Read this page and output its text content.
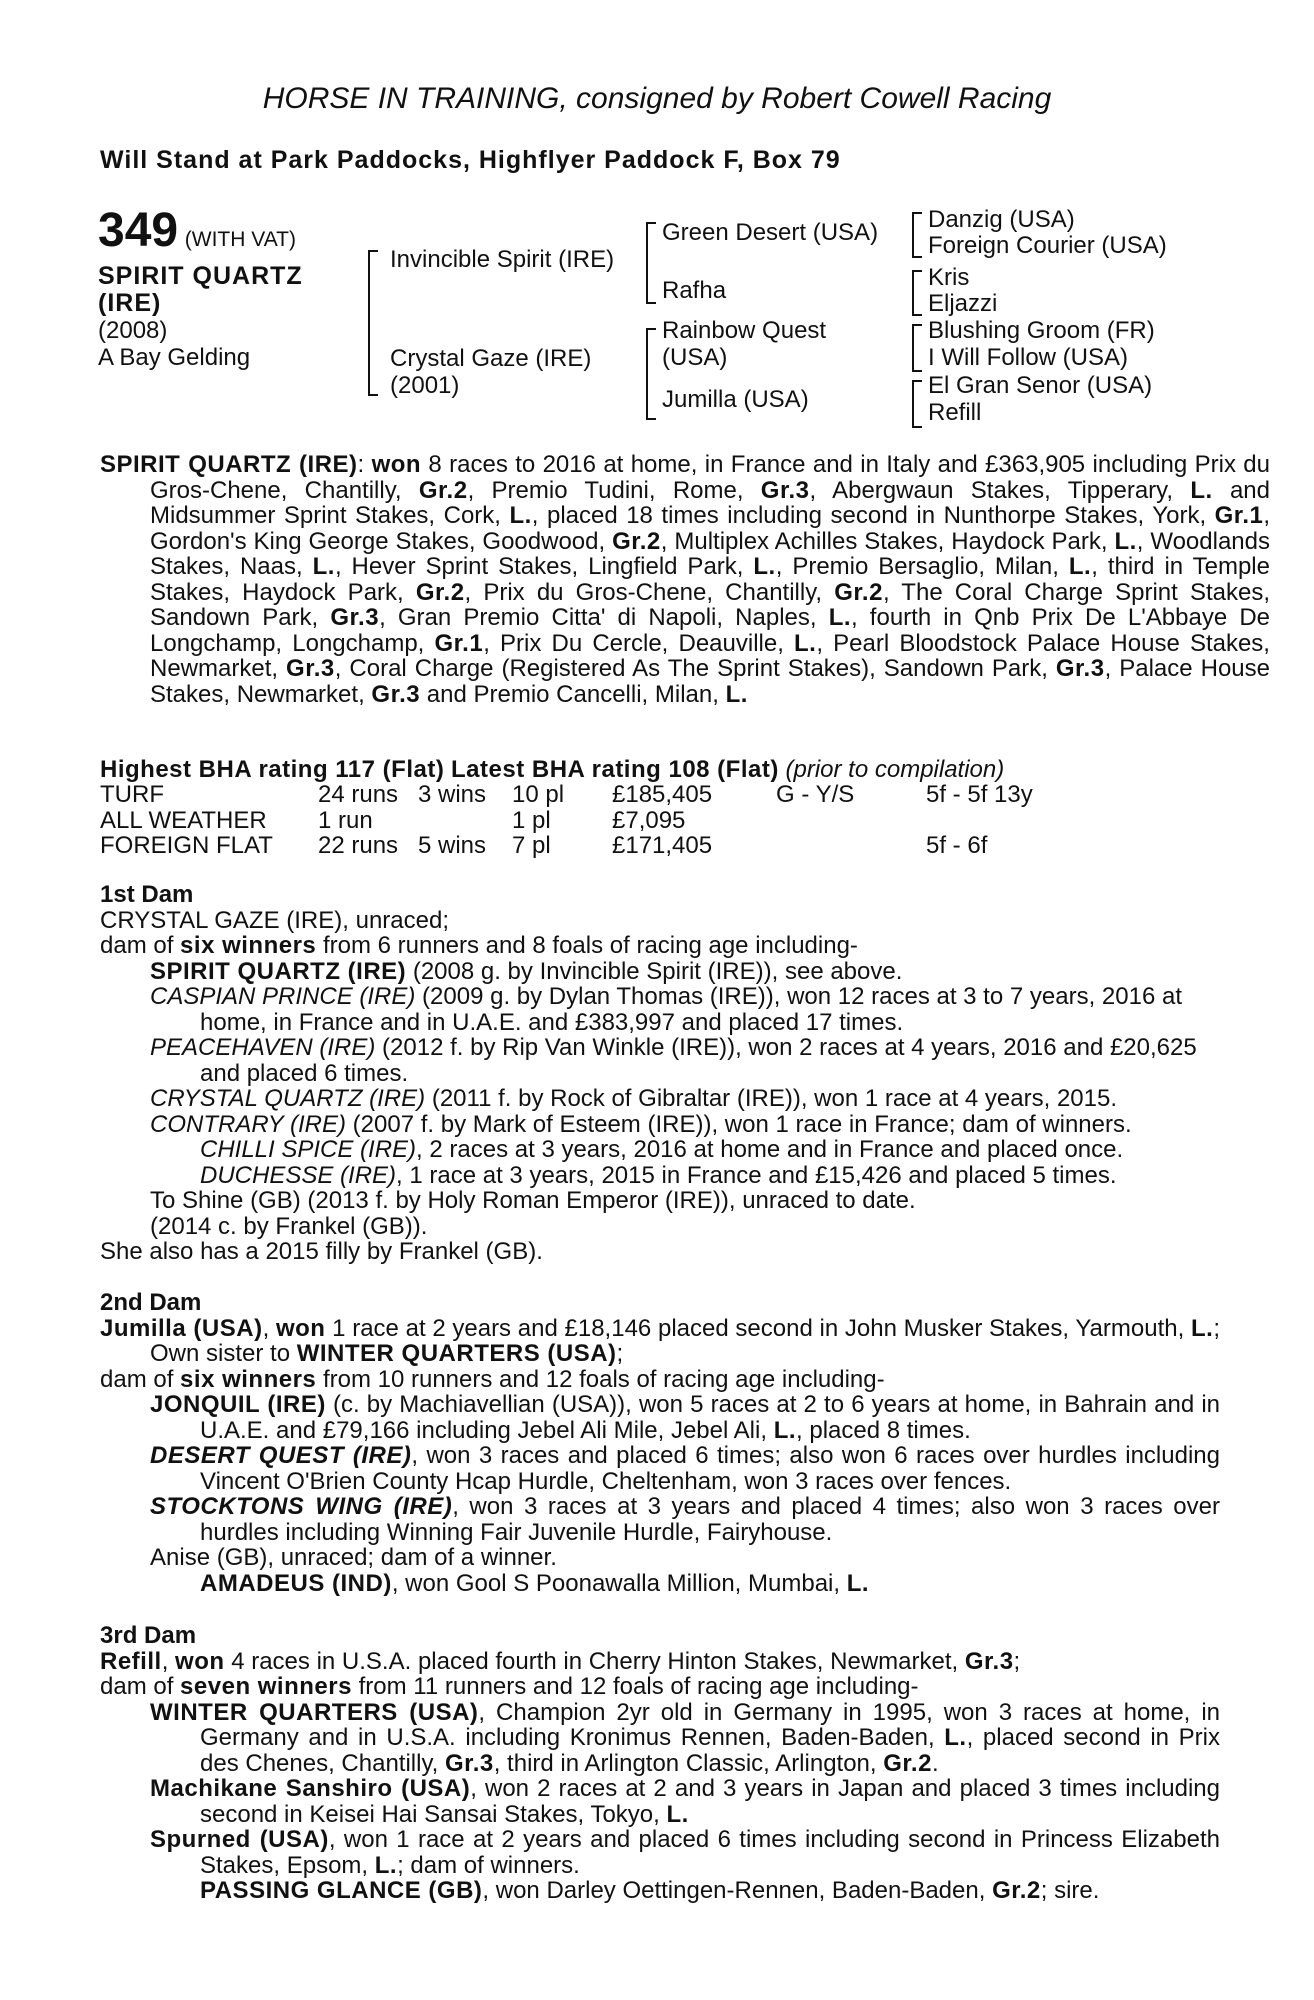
HORSE IN TRAINING, consigned by Robert Cowell Racing
Will Stand at Park Paddocks, Highflyer Paddock F, Box 79
349 (WITH VAT)
SPIRIT QUARTZ
(IRE)
(2008)
A Bay Gelding
Invincible Spirit (IRE)
Crystal Gaze (IRE)
(2001)
Green Desert (USA)
Rafha
Rainbow Quest
(USA)
Jumilla (USA)
Danzig (USA)
Foreign Courier (USA)
Kris
Eljazzi
Blushing Groom (FR)
I Will Follow (USA)
El Gran Senor (USA)
Refill
SPIRIT QUARTZ (IRE): won 8 races to 2016 at home, in France and in Italy and £363,905 including Prix du Gros-Chene, Chantilly, Gr.2, Premio Tudini, Rome, Gr.3, Abergwaun Stakes, Tipperary, L. and Midsummer Sprint Stakes, Cork, L., placed 18 times including second in Nunthorpe Stakes, York, Gr.1, Gordon's King George Stakes, Goodwood, Gr.2, Multiplex Achilles Stakes, Haydock Park, L., Woodlands Stakes, Naas, L., Hever Sprint Stakes, Lingfield Park, L., Premio Bersaglio, Milan, L., third in Temple Stakes, Haydock Park, Gr.2, Prix du Gros-Chene, Chantilly, Gr.2, The Coral Charge Sprint Stakes, Sandown Park, Gr.3, Gran Premio Citta' di Napoli, Naples, L., fourth in Qnb Prix De L'Abbaye De Longchamp, Longchamp, Gr.1, Prix Du Cercle, Deauville, L., Pearl Bloodstock Palace House Stakes, Newmarket, Gr.3, Coral Charge (Registered As The Sprint Stakes), Sandown Park, Gr.3, Palace House Stakes, Newmarket, Gr.3 and Premio Cancelli, Milan, L.
Highest BHA rating 117 (Flat) Latest BHA rating 108 (Flat) (prior to compilation)
TURF	24 runs	3 wins	10 pl	£185,405	G - Y/S	5f - 5f 13y
ALL WEATHER	1 run		1 pl	£7,095		
FOREIGN FLAT	22 runs	5 wins	7 pl	£171,405		5f - 6f
1st Dam
CRYSTAL GAZE (IRE), unraced;
dam of six winners from 6 runners and 8 foals of racing age including-
SPIRIT QUARTZ (IRE) (2008 g. by Invincible Spirit (IRE)), see above.
CASPIAN PRINCE (IRE) (2009 g. by Dylan Thomas (IRE)), won 12 races at 3 to 7 years, 2016 at home, in France and in U.A.E. and £383,997 and placed 17 times.
PEACEHAVEN (IRE) (2012 f. by Rip Van Winkle (IRE)), won 2 races at 4 years, 2016 and £20,625 and placed 6 times.
CRYSTAL QUARTZ (IRE) (2011 f. by Rock of Gibraltar (IRE)), won 1 race at 4 years, 2015.
CONTRARY (IRE) (2007 f. by Mark of Esteem (IRE)), won 1 race in France; dam of winners.
CHILLI SPICE (IRE), 2 races at 3 years, 2016 at home and in France and placed once.
DUCHESSE (IRE), 1 race at 3 years, 2015 in France and £15,426 and placed 5 times.
To Shine (GB) (2013 f. by Holy Roman Emperor (IRE)), unraced to date.
(2014 c. by Frankel (GB)).
She also has a 2015 filly by Frankel (GB).
2nd Dam
Jumilla (USA), won 1 race at 2 years and £18,146 placed second in John Musker Stakes, Yarmouth, L.; Own sister to WINTER QUARTERS (USA);
dam of six winners from 10 runners and 12 foals of racing age including-
JONQUIL (IRE) (c. by Machiavellian (USA)), won 5 races at 2 to 6 years at home, in Bahrain and in U.A.E. and £79,166 including Jebel Ali Mile, Jebel Ali, L., placed 8 times.
DESERT QUEST (IRE), won 3 races and placed 6 times; also won 6 races over hurdles including Vincent O'Brien County Hcap Hurdle, Cheltenham, won 3 races over fences.
STOCKTONS WING (IRE), won 3 races at 3 years and placed 4 times; also won 3 races over hurdles including Winning Fair Juvenile Hurdle, Fairyhouse.
Anise (GB), unraced; dam of a winner.
AMADEUS (IND), won Gool S Poonawalla Million, Mumbai, L.
3rd Dam
Refill, won 4 races in U.S.A. placed fourth in Cherry Hinton Stakes, Newmarket, Gr.3;
dam of seven winners from 11 runners and 12 foals of racing age including-
WINTER QUARTERS (USA), Champion 2yr old in Germany in 1995, won 3 races at home, in Germany and in U.S.A. including Kronimus Rennen, Baden-Baden, L., placed second in Prix des Chenes, Chantilly, Gr.3, third in Arlington Classic, Arlington, Gr.2.
Machikane Sanshiro (USA), won 2 races at 2 and 3 years in Japan and placed 3 times including second in Keisei Hai Sansai Stakes, Tokyo, L.
Spurned (USA), won 1 race at 2 years and placed 6 times including second in Princess Elizabeth Stakes, Epsom, L.; dam of winners.
PASSING GLANCE (GB), won Darley Oettingen-Rennen, Baden-Baden, Gr.2; sire.
